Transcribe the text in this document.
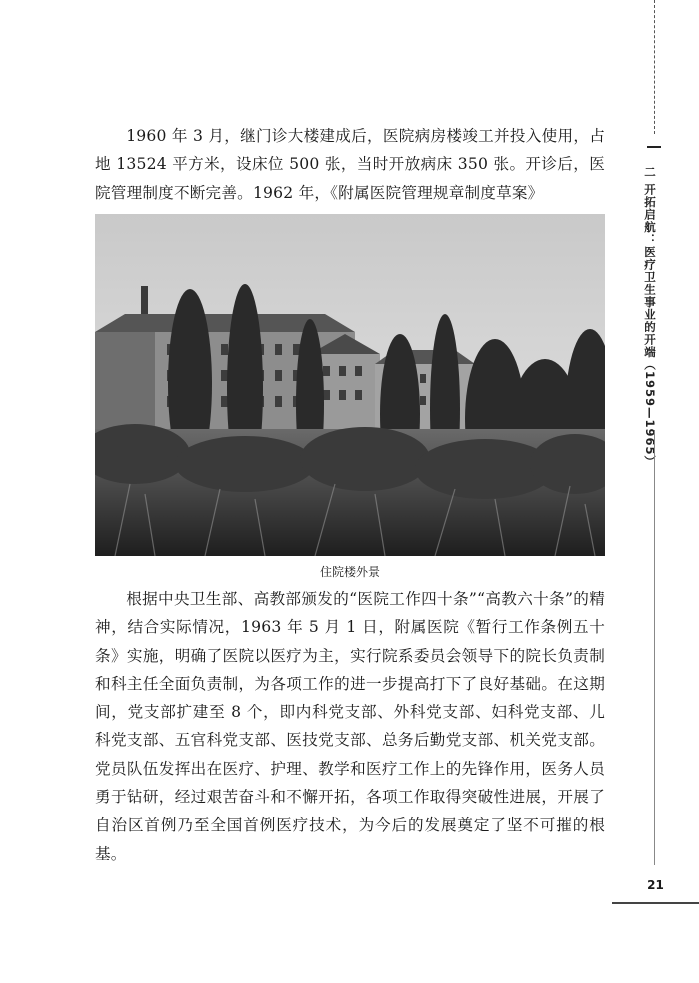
1960 年 3 月，继门诊大楼建成后，医院病房楼竣工并投入使用，占地 13524 平方米，设床位 500 张，当时开放病床 350 张。开诊后，医院管理制度不断完善。1962 年，《附属医院管理规章制度草案》

住院楼外景

根据中央卫生部、高教部颁发的“医院工作四十条”“高教六十条”的精神，结合实际情况，1963 年 5 月 1 日，附属医院《暂行工作条例五十条》实施，明确了医院以医疗为主，实行院系委员会领导下的院长负责制和科主任全面负责制，为各项工作的进一步提高打下了良好基础。在这期间，党支部扩建至 8 个，即内科党支部、外科党支部、妇科党支部、儿科党支部、五官科党支部、医技党支部、总务后勤党支部、机关党支部。党员队伍发挥出在医疗、护理、教学和医疗工作上的先锋作用，医务人员勇于钻研，经过艰苦奋斗和不懈开拓，各项工作取得突破性进展，开展了自治区首例乃至全国首例医疗技术，为今后的发展奠定了坚不可摧的根基。

二 开拓启航：医疗卫生事业的开端（1959—1965）
21
